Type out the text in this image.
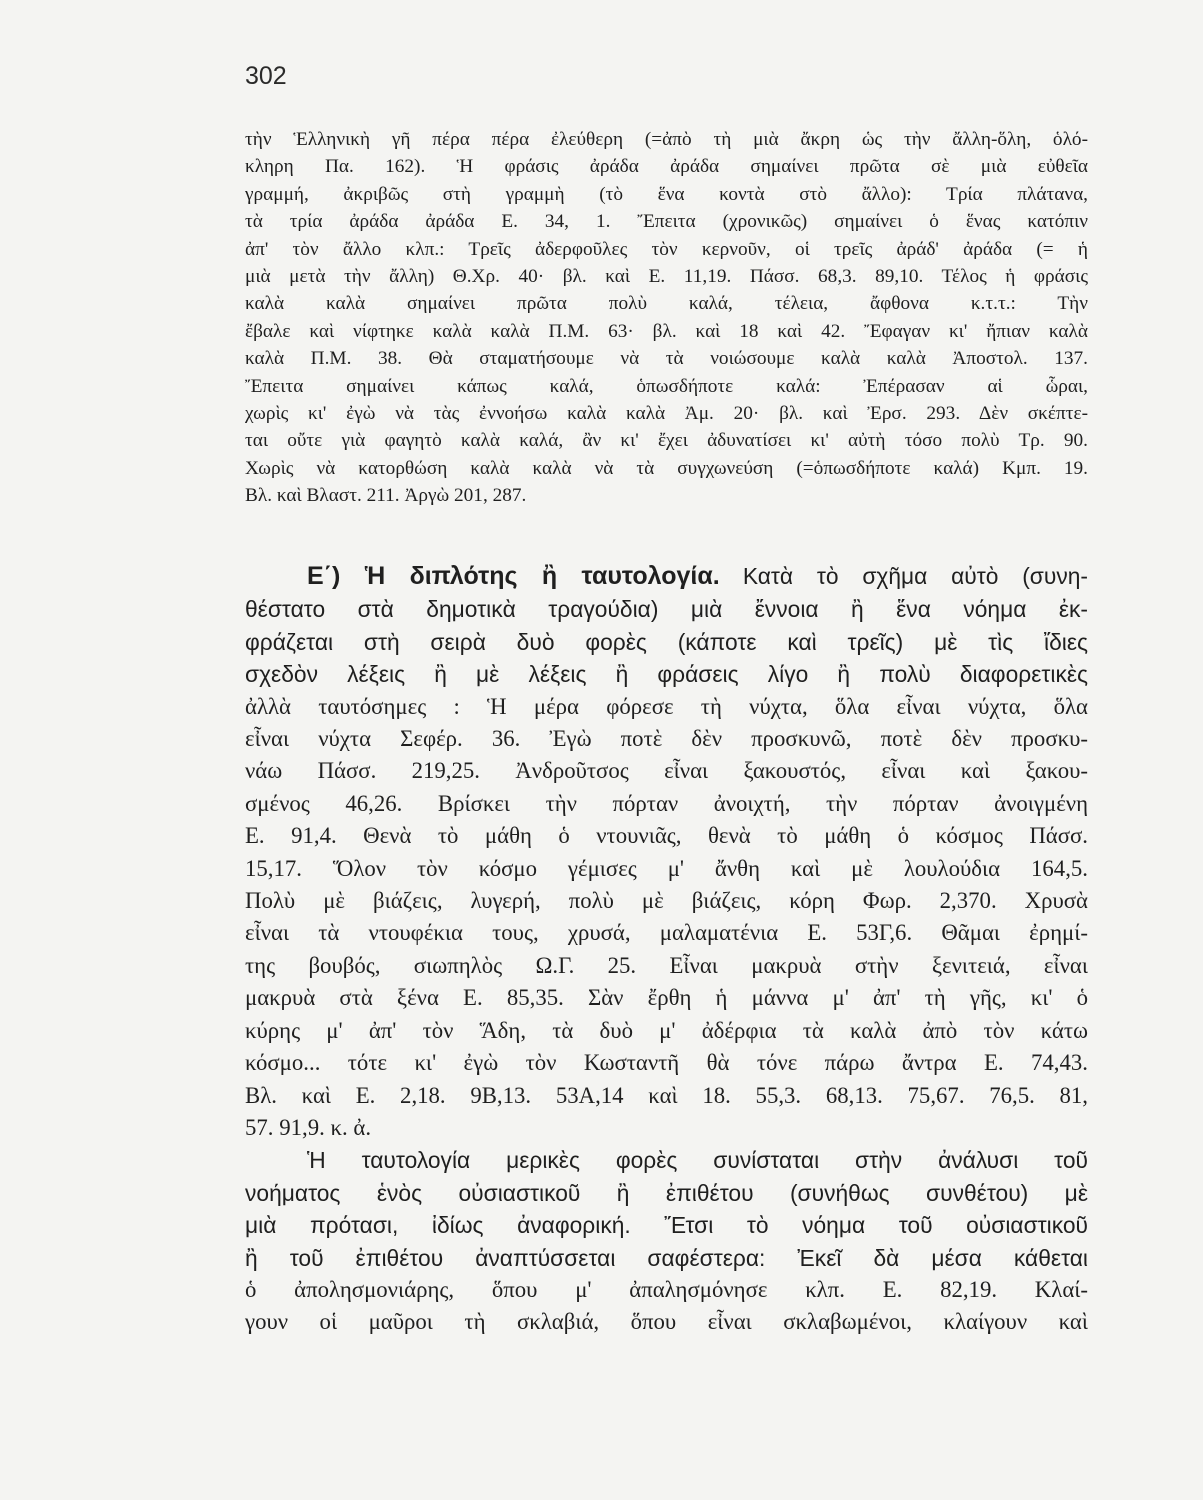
302
τὴν Ἑλληνικὴ γῆ πέρα πέρα ἐλεύθερη (=ἀπὸ τὴ μιὰ ἄκρη ὡς τὴν ἄλλη-ὅλη, ὁλό-
κληρη Πα. 162). Ἡ φράσις ἀράδα ἀράδα σημαίνει πρῶτα σὲ μιὰ εὐθεῖα
γραμμή, ἀκριβῶς στὴ γραμμὴ (τὸ ἕνα κοντὰ στὸ ἄλλο): Τρία πλάτανα,
τὰ τρία ἀράδα ἀράδα Ε. 34, 1. Ἔπειτα (χρονικῶς) σημαίνει ὁ ἕνας κατόπιν
ἀπ' τὸν ἄλλο κλπ.: Τρεῖς ἀδερφοῦλες τὸν κερνοῦν, οἱ τρεῖς ἀράδ' ἀράδα (= ἡ
μιὰ μετὰ τὴν ἄλλη) Θ.Χρ. 40· βλ. καὶ Ε. 11,19. Πάσσ. 68,3. 89,10. Τέλος ἡ φράσις
καλὰ καλὰ σημαίνει πρῶτα πολὺ καλά, τέλεια, ἄφθονα κ.τ.τ.: Τὴν
ἔβαλε καὶ νίφτηκε καλὰ καλὰ Π.Μ. 63· βλ. καὶ 18 καὶ 42. Ἔφαγαν κι' ἤπιαν καλὰ
καλὰ Π.Μ. 38. Θὰ σταματήσουμε νὰ τὰ νοιώσουμε καλὰ καλὰ Ἀποστολ. 137.
Ἔπειτα σημαίνει κάπως καλά, ὁπωσδήποτε καλά: Ἐπέρασαν αἱ ὧραι,
χωρὶς κι' ἐγὼ νὰ τὰς ἐννοήσω καλὰ καλὰ Ἀμ. 20· βλ. καὶ Ἐρσ. 293. Δὲν σκέπτε-
ται οὔτε γιὰ φαγητὸ καλὰ καλά, ἂν κι' ἔχει ἀδυνατίσει κι' αὐτὴ τόσο πολὺ Τρ. 90.
Χωρὶς νὰ κατορθώση καλὰ καλὰ νὰ τὰ συγχωνεύση (=ὁπωσδήποτε καλά) Κμπ. 19.
Βλ. καὶ Βλαστ. 211. Ἀργὼ 201, 287.
Ε΄) Ἡ διπλότης ἢ ταυτολογία. Κατὰ τὸ σχῆμα αὐτὸ (συνη-
θέστατο στὰ δημοτικὰ τραγούδια) μιὰ ἔννοια ἢ ἕνα νόημα ἐκ-
φράζεται στὴ σειρὰ δυὸ φορὲς (κάποτε καὶ τρεῖς) μὲ τὶς ἴδιες
σχεδὸν λέξεις ἢ μὲ λέξεις ἢ φράσεις λίγο ἢ πολὺ διαφορετικὲς
ἀλλὰ ταυτόσημες : Ἡ μέρα φόρεσε τὴ νύχτα, ὅλα εἶναι νύχτα, ὅλα
εἶναι νύχτα Σεφέρ. 36. Ἐγὼ ποτὲ δὲν προσκυνῶ, ποτὲ δὲν προσκυ-
νάω Πάσσ. 219,25. Ἀνδροῦτσος εἶναι ξακουστός, εἶναι καὶ ξακου-
σμένος 46,26. Βρίσκει τὴν πόρταν ἀνοιχτή, τὴν πόρταν ἀνοιγμένη
Ε. 91,4. Θενὰ τὸ μάθη ὁ ντουνιᾶς, θενὰ τὸ μάθη ὁ κόσμος Πάσσ.
15,17. Ὅλον τὸν κόσμο γέμισες μ' ἄνθη καὶ μὲ λουλούδια 164,5.
Πολὺ μὲ βιάζεις, λυγερή, πολὺ μὲ βιάζεις, κόρη Φωρ. 2,370. Χρυσὰ
εἶναι τὰ ντουφέκια τους, χρυσά, μαλαματένια Ε. 53Γ,6. Θᾶμαι ἐρημί-
της βουβός, σιωπηλὸς Ω.Γ. 25. Εἶναι μακρυὰ στὴν ξενιτειά, εἶναι
μακρυὰ στὰ ξένα Ε. 85,35. Σὰν ἔρθη ἡ μάννα μ' ἀπ' τὴ γῆς, κι' ὁ
κύρης μ' ἀπ' τὸν Ἅδη, τὰ δυὸ μ' ἀδέρφια τὰ καλὰ ἀπὸ τὸν κάτω
κόσμο... τότε κι' ἐγὼ τὸν Κωσταντῆ θὰ τόνε πάρω ἄντρα Ε. 74,43.
Βλ. καὶ Ε. 2,18. 9Β,13. 53Α,14 καὶ 18. 55,3. 68,13. 75,67. 76,5. 81,
57. 91,9. κ. ἀ.
Ἡ ταυτολογία μερικὲς φορὲς συνίσταται στὴν ἀνάλυσι τοῦ
νοήματος ἑνὸς οὐσιαστικοῦ ἢ ἐπιθέτου (συνήθως συνθέτου) μὲ
μιὰ πρότασι, ἰδίως ἀναφορική. Ἔτσι τὸ νόημα τοῦ οὐσιαστικοῦ
ἢ τοῦ ἐπιθέτου ἀναπτύσσεται σαφέστερα: Ἐκεῖ δὰ μέσα κάθεται
ὁ ἀπολησμονιάρης, ὅπου μ' ἀπαλησμόνησε κλπ. Ε. 82,19. Κλαί-
γουν οἱ μαῦροι τὴ σκλαβιά, ὅπου εἶναι σκλαβωμένοι, κλαίγουν καὶ
